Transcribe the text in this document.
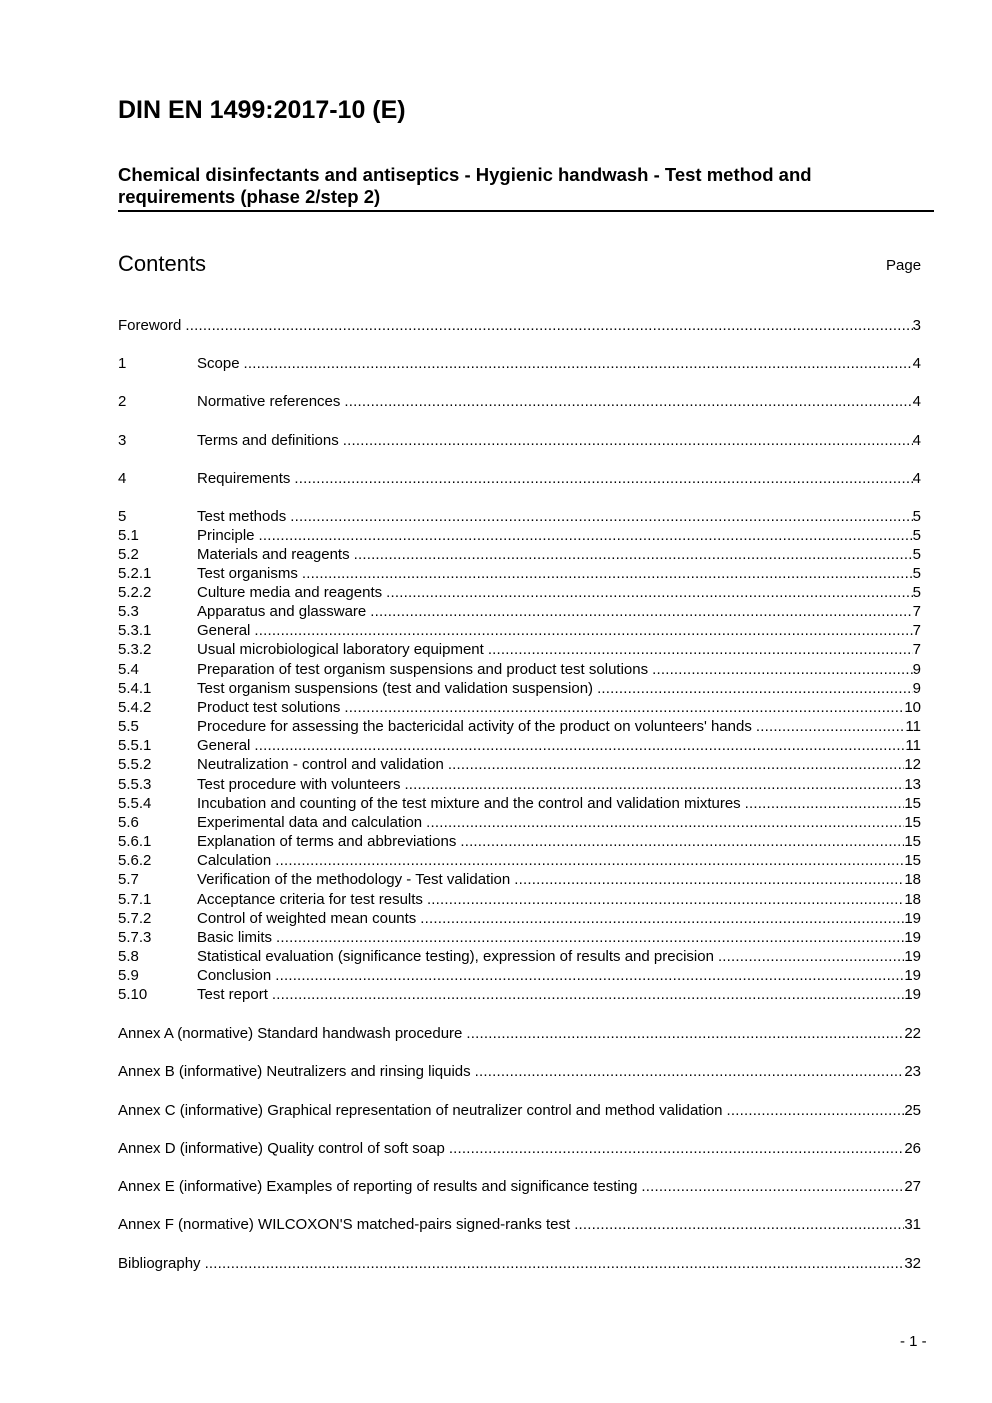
DIN EN 1499:2017-10 (E)
Chemical disinfectants and antiseptics - Hygienic handwash - Test method and requirements (phase 2/step 2)
Contents	Page
Foreword .....	3
1	Scope .....	4
2	Normative references .....	4
3	Terms and definitions .....	4
4	Requirements .....	4
5	Test methods .....	5
5.1	Principle .....	5
5.2	Materials and reagents .....	5
5.2.1	Test organisms .....	5
5.2.2	Culture media and reagents .....	5
5.3	Apparatus and glassware .....	7
5.3.1	General .....	7
5.3.2	Usual microbiological laboratory equipment .....	7
5.4	Preparation of test organism suspensions and product test solutions .....	9
5.4.1	Test organism suspensions (test and validation suspension) .....	9
5.4.2	Product test solutions .....	10
5.5	Procedure for assessing the bactericidal activity of the product on volunteers' hands .....	11
5.5.1	General .....	11
5.5.2	Neutralization - control and validation .....	12
5.5.3	Test procedure with volunteers .....	13
5.5.4	Incubation and counting of the test mixture and the control and validation mixtures .....	15
5.6	Experimental data and calculation .....	15
5.6.1	Explanation of terms and abbreviations .....	15
5.6.2	Calculation .....	15
5.7	Verification of the methodology - Test validation .....	18
5.7.1	Acceptance criteria for test results .....	18
5.7.2	Control of weighted mean counts .....	19
5.7.3	Basic limits .....	19
5.8	Statistical evaluation (significance testing), expression of results and precision .....	19
5.9	Conclusion .....	19
5.10	Test report .....	19
Annex A (normative) Standard handwash procedure .....	22
Annex B (informative) Neutralizers and rinsing liquids .....	23
Annex C (informative) Graphical representation of neutralizer control and method validation .....	25
Annex D (informative) Quality control of soft soap .....	26
Annex E (informative) Examples of reporting of results and significance testing .....	27
Annex F (normative) WILCOXON'S matched-pairs signed-ranks test .....	31
Bibliography .....	32
- 1 -
